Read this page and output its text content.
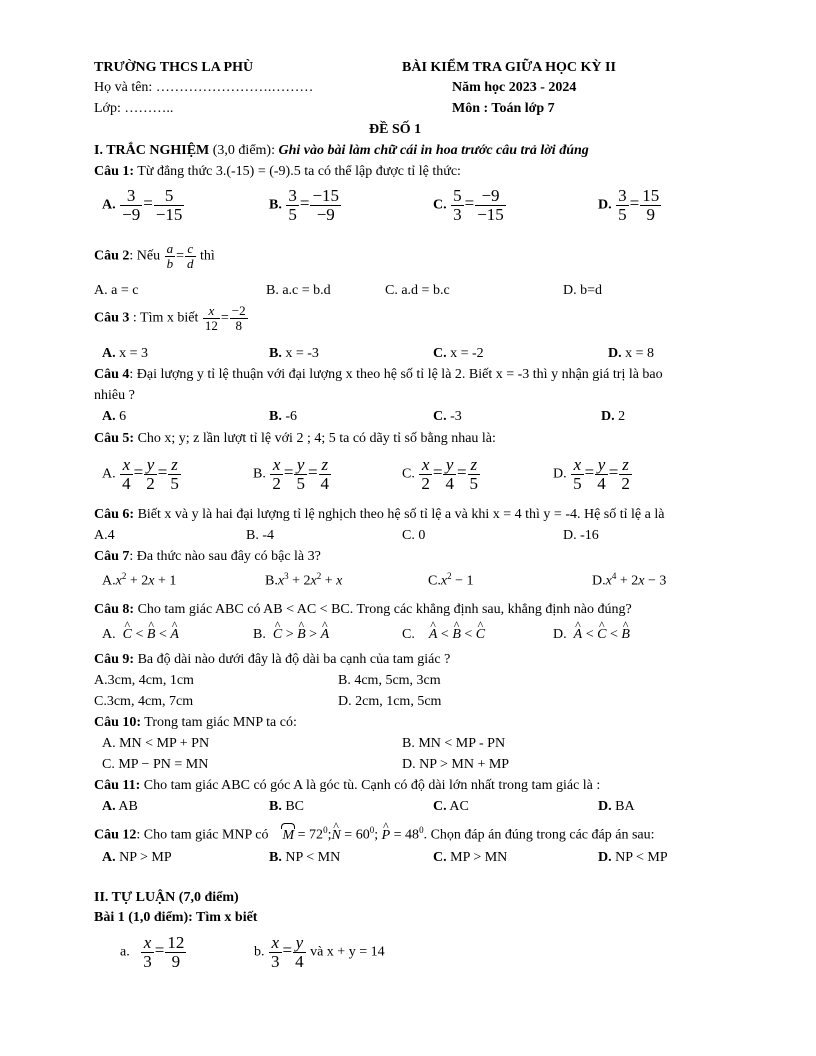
TRƯỜNG THCS LA PHÙ	BÀI KIỂM TRA GIỮA HỌC KỲ II
Họ và tên: …………………….………	Năm học 2023 - 2024
Lớp: ………..	Môn : Toán lớp 7
ĐỀ SỐ 1
I. TRẮC NGHIỆM (3,0 điểm): Ghi vào bài làm chữ cái in hoa trước câu trả lời đúng
Câu 1: Từ đẳng thức 3.(-15) = (-9).5 ta có thể lập được tỉ lệ thức:
A. $\frac{3}{-9} = \frac{5}{-15}$	B. $\frac{3}{5} = \frac{-15}{-9}$	C. $\frac{5}{3} = \frac{-9}{-15}$	D. $\frac{3}{5} = \frac{15}{9}$
Câu 2: Nếu $\frac{a}{b} = \frac{c}{d}$ thì
A. a = c	B. a.c = b.d	C. a.d = b.c	D. b=d
Câu 3 : Tìm x biết $\frac{x}{12} = \frac{-2}{8}$
A. x = 3	B. x = -3	C. x = -2	D. x = 8
Câu 4: Đại lượng y tỉ lệ thuận với đại lượng x theo hệ số tỉ lệ là 2. Biết x = -3 thì y nhận giá trị là bao
nhiêu ?
A. 6	B. -6	C. -3	D. 2
Câu 5: Cho x; y; z lần lượt tỉ lệ với 2 ; 4; 5 ta có dãy tỉ số bằng nhau là:
A. $\frac{x}{4} = \frac{y}{2} = \frac{z}{5}$	B. $\frac{x}{2} = \frac{y}{5} = \frac{z}{4}$	C. $\frac{x}{2} = \frac{y}{4} = \frac{z}{5}$	D. $\frac{x}{5} = \frac{y}{4} = \frac{z}{2}$
Câu 6: Biết x và y là hai đại lượng tỉ lệ nghịch theo hệ số tỉ lệ a và khi x = 4 thì y = -4. Hệ số tỉ lệ a là
A.4	B. -4	C. 0	D. -16
Câu 7: Đa thức nào sau đây có bậc là 3?
$A.x^2 + 2x + 1$	$B.x^3 + 2x^2 + x$	$C.x^2 - 1$	$D.x^4 + 2x - 3$
Câu 8: Cho tam giác ABC có AB < AC < BC. Trong các khẳng định sau, khẳng định nào đúng?
A. ^ C < ^ B < ^ A	B. ^ C > ^ B > ^ A	C. ^ A < ^ B < ^ C	D. ^ A < ^ C < ^ B
Câu 9: Ba độ dài nào dưới đây là độ dài ba cạnh của tam giác ?
A.3cm, 4cm, 1cm	B. 4cm, 5cm, 3cm
C.3cm, 4cm, 7cm	D. 2cm, 1cm, 5cm
Câu 10: Trong tam giác MNP ta có:
A. MN < MP + PN	B. MN < MP - PN
C. MP − PN = MN	D. NP > MN + MP
Câu 11: Cho tam giác ABC có góc A là góc tù. Cạnh có độ dài lớn nhất trong tam giác là :
A. AB	B. BC	C. AC	D. BA
Câu 12: Cho tam giác MNP có $M = 72^0;\^{}$ $N = 60^0$; ^ $P = 48^0$. Chọn đáp án đúng trong các đáp án sau:
A. NP > MP	B. NP < MN	C. MP > MN	D. NP < MP
II. TỰ LUẬN (7,0 điểm)
Bài 1 (1,0 điểm): Tìm x biết
a. $\frac{x}{3} = \frac{12}{9}$	b. $\frac{x}{3} = \frac{y}{4}$ và x + y = 14
